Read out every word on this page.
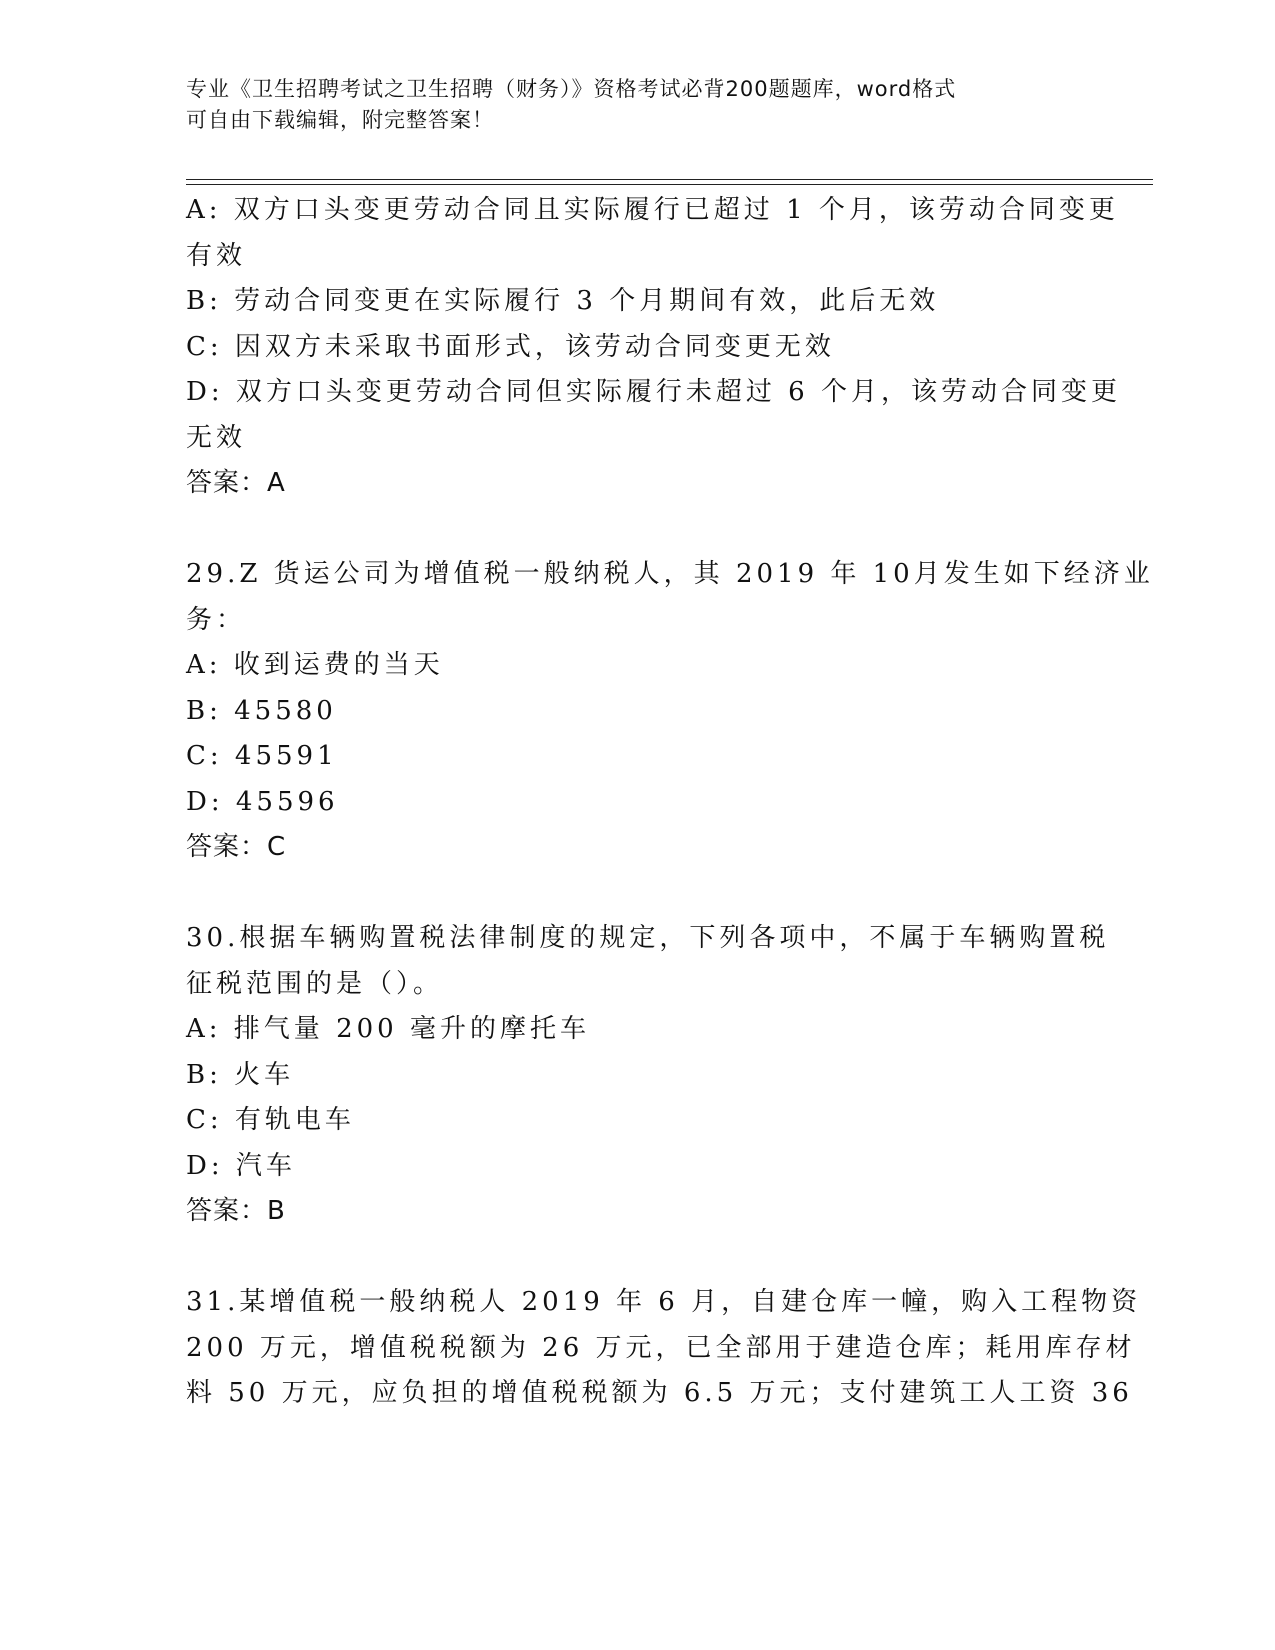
专业《卫生招聘考试之卫生招聘（财务）》资格考试必背200题题库，word格式
可自由下载编辑，附完整答案！
A: 双方口头变更劳动合同且实际履行已超过 1 个月，该劳动合同变更
有效
B: 劳动合同变更在实际履行 3 个月期间有效，此后无效
C: 因双方未采取书面形式，该劳动合同变更无效
D: 双方口头变更劳动合同但实际履行未超过 6 个月，该劳动合同变更
无效
答案：A
29.Z 货运公司为增值税一般纳税人，其 2019 年 10月发生如下经济业
务：
A: 收到运费的当天
B: 45580
C: 45591
D: 45596
答案：C
30.根据车辆购置税法律制度的规定，下列各项中，不属于车辆购置税
征税范围的是（）。
A: 排气量 200 毫升的摩托车
B: 火车
C: 有轨电车
D: 汽车
答案：B
31.某增值税一般纳税人 2019 年 6 月，自建仓库一幢，购入工程物资
200 万元，增值税税额为 26 万元，已全部用于建造仓库；耗用库存材
料 50 万元，应负担的增值税税额为 6.5 万元；支付建筑工人工资 36
